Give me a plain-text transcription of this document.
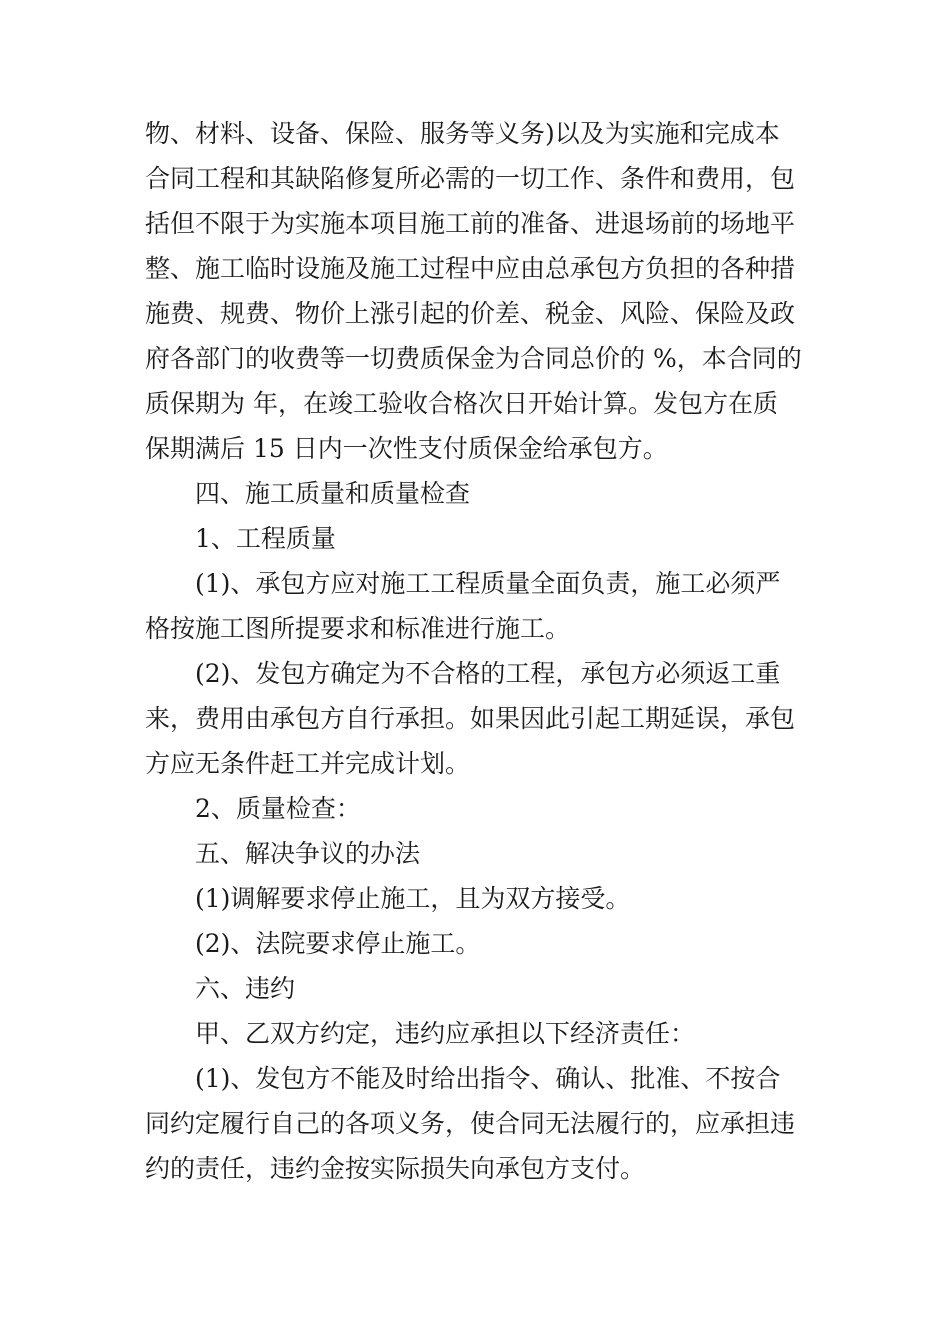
物、材料、设备、保险、服务等义务)以及为实施和完成本
合同工程和其缺陷修复所必需的一切工作、条件和费用，包
括但不限于为实施本项目施工前的准备、进退场前的场地平
整、施工临时设施及施工过程中应由总承包方负担的各种措
施费、规费、物价上涨引起的价差、税金、风险、保险及政
府各部门的收费等一切费质保金为合同总价的 %，本合同的
质保期为 年，在竣工验收合格次日开始计算。发包方在质
保期满后 15 日内一次性支付质保金给承包方。
四、施工质量和质量检查
1、工程质量
(1)、承包方应对施工工程质量全面负责，施工必须严
格按施工图所提要求和标准进行施工。
(2)、发包方确定为不合格的工程，承包方必须返工重
来，费用由承包方自行承担。如果因此引起工期延误，承包
方应无条件赶工并完成计划。
2、质量检查：
五、解决争议的办法
(1)调解要求停止施工，且为双方接受。
(2)、法院要求停止施工。
六、违约
甲、乙双方约定，违约应承担以下经济责任：
(1)、发包方不能及时给出指令、确认、批准、不按合
同约定履行自己的各项义务，使合同无法履行的，应承担违
约的责任，违约金按实际损失向承包方支付。
